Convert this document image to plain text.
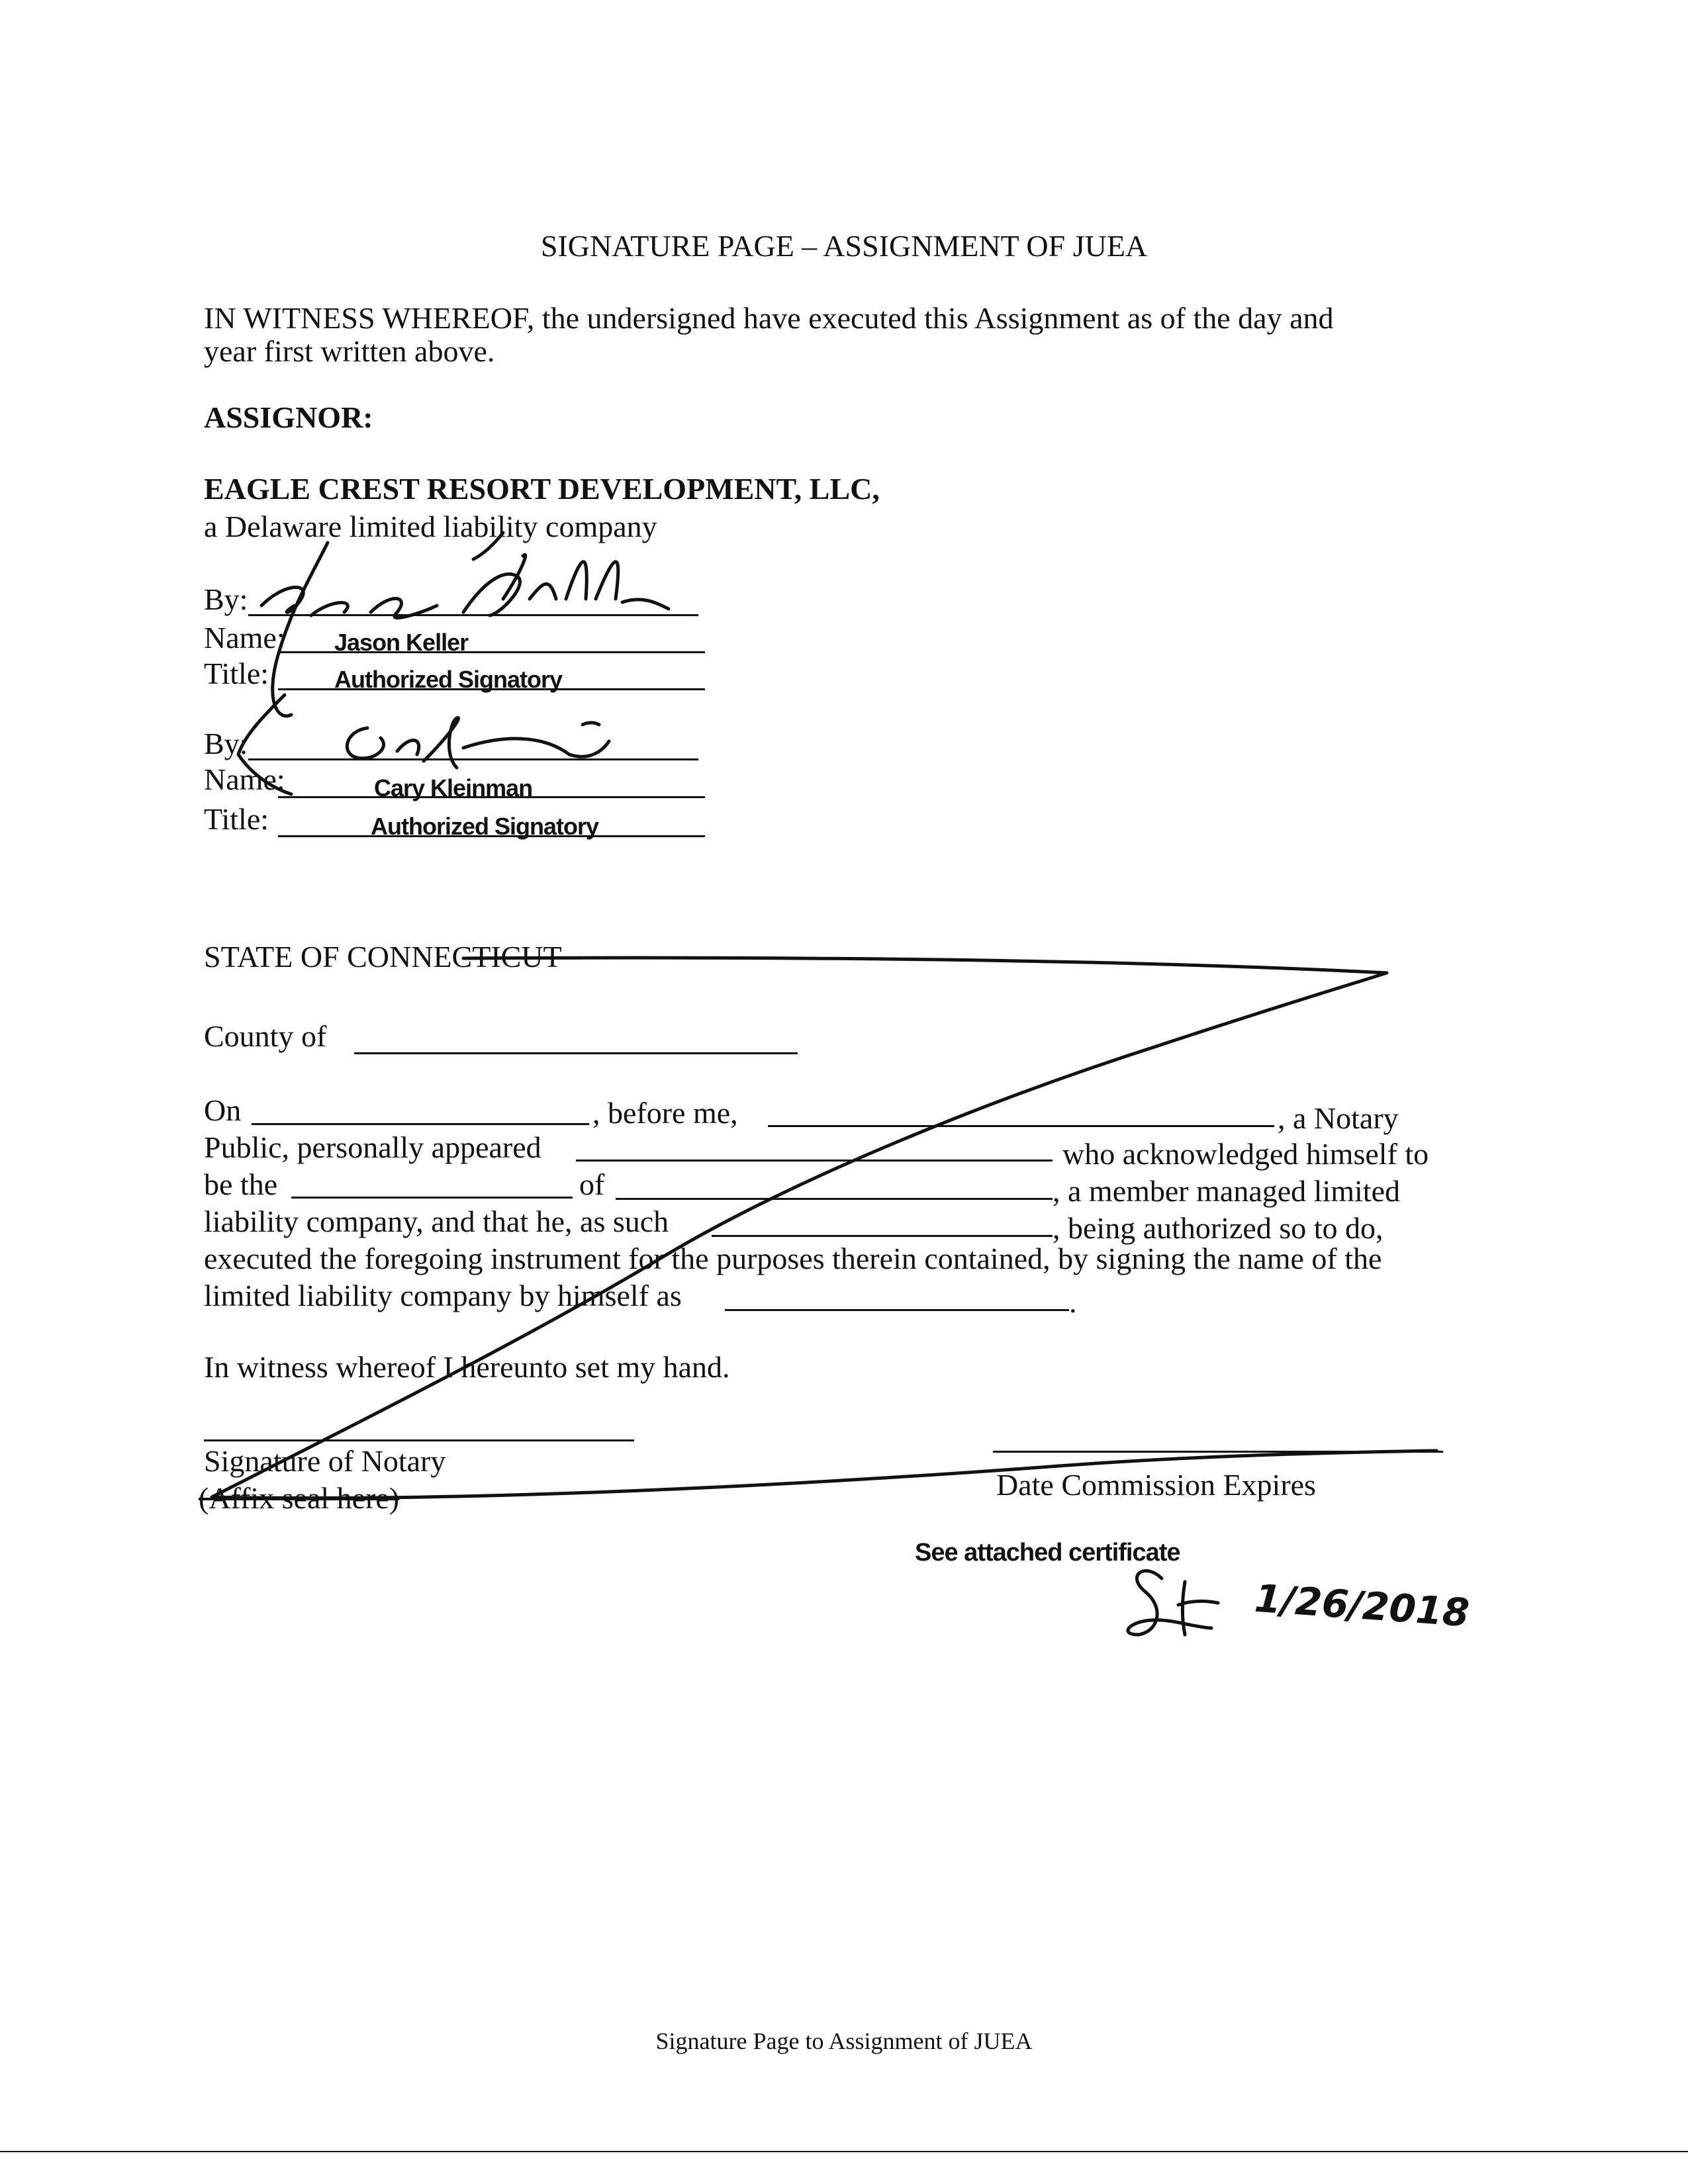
SIGNATURE PAGE – ASSIGNMENT OF JUEA
IN WITNESS WHEREOF, the undersigned have executed this Assignment as of the day and
year first written above.
ASSIGNOR:
EAGLE CREST RESORT DEVELOPMENT, LLC,
a Delaware limited liability company
By:
Name: Jason Keller
Title:	Authorized Signatory
By:
Name:	Cary Kleinman
Title:	Authorized Signatory
STATE OF CONNECTICUT
County of
On	, before me,	, a Notary
Public, personally appeared	who acknowledged himself to
be the	of	, a member managed limited
liability company, and that he, as such	, being authorized so to do,
executed the foregoing instrument for the purposes therein contained, by signing the name of the
limited liability company by himself as	.
In witness whereof I hereunto set my hand.
Signature of Notary
(Affix seal here)	Date Commission Expires
See attached certificate
1/26/2018
Signature Page to Assignment of JUEA
